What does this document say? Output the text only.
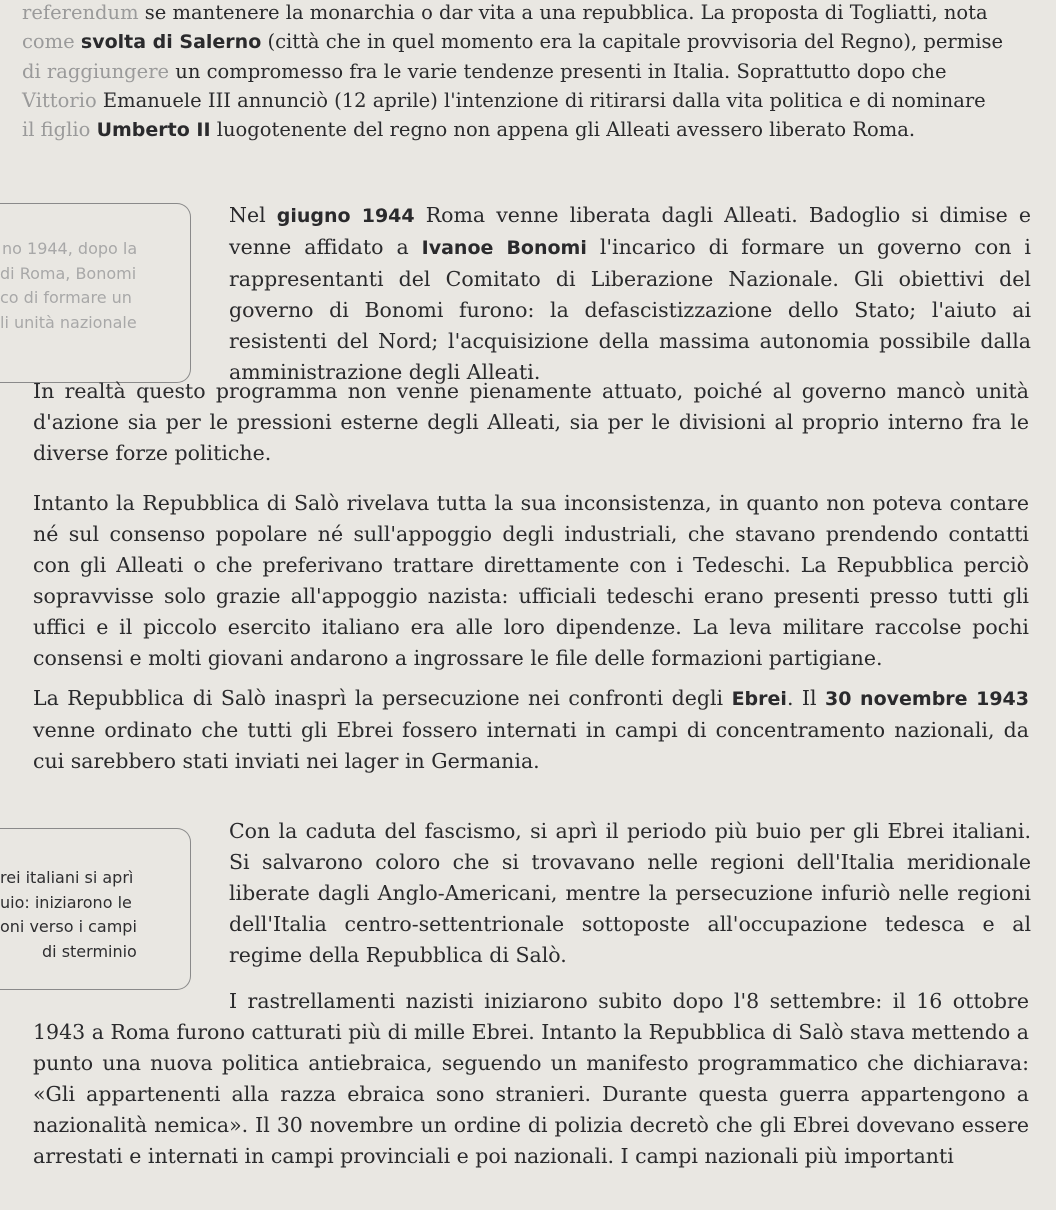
referendum se mantenere la monarchia o dar vita a una repubblica. La proposta di Togliatti, nota
come svolta di Salerno (città che in quel momento era la capitale provvisoria del Regno), permise
di raggiungere un compromesso fra le varie tendenze presenti in Italia. Soprattutto dopo che
Vittorio Emanuele III annunciò (12 aprile) l'intenzione di ritirarsi dalla vita politica e di nominare
il figlio Umberto II luogotenente del regno non appena gli Alleati avessero liberato Roma.
no 1944, dopo la
di Roma, Bonomi
co di formare un
li unità nazionale

Nel giugno 1944 Roma venne liberata dagli Alleati. Badoglio si dimise e venne affidato a Ivanoe Bonomi l'incarico di formare un governo con i rappresentanti del Comitato di Liberazione Nazionale. Gli obiettivi del governo di Bonomi furono: la defascistizzazione dello Stato; l'aiuto ai resistenti del Nord; l'acquisizione della massima autonomia possibile dalla amministrazione degli Alleati.

In realtà questo programma non venne pienamente attuato, poiché al governo mancò unità d'azione sia per le pressioni esterne degli Alleati, sia per le divisioni al proprio interno fra le diverse forze politiche.

Intanto la Repubblica di Salò rivelava tutta la sua inconsistenza, in quanto non poteva contare né sul consenso popolare né sull'appoggio degli industriali, che stavano prendendo contatti con gli Alleati o che preferivano trattare direttamente con i Tedeschi. La Repubblica perciò sopravvisse solo grazie all'appoggio nazista: ufficiali tedeschi erano presenti presso tutti gli uffici e il piccolo esercito italiano era alle loro dipendenze. La leva militare raccolse pochi consensi e molti giovani andarono a ingrossare le file delle formazioni partigiane.

La Repubblica di Salò inasprì la persecuzione nei confronti degli Ebrei. Il 30 novembre 1943 venne ordinato che tutti gli Ebrei fossero internati in campi di concentramento nazionali, da cui sarebbero stati inviati nei lager in Germania.

rei italiani si aprì
uio: iniziarono le
oni verso i campi
di sterminio

Con la caduta del fascismo, si aprì il periodo più buio per gli Ebrei italiani. Si salvarono coloro che si trovavano nelle regioni dell'Italia meridionale liberate dagli Anglo-Americani, mentre la persecuzione infuriò nelle regioni dell'Italia centro-settentrionale sottoposte all'occupazione tedesca e al regime della Repubblica di Salò.

I rastrellamenti nazisti iniziarono subito dopo l'8 settembre: il 16 ottobre 1943 a Roma furono catturati più di mille Ebrei. Intanto la Repubblica di Salò stava mettendo a punto una nuova politica antiebraica, seguendo un manifesto programmatico che dichiarava: «Gli appartenenti alla razza ebraica sono stranieri. Durante questa guerra appartengono a nazionalità nemica». Il 30 novembre un ordine di polizia decretò che gli Ebrei dovevano essere arrestati e internati in campi provinciali e poi nazionali. I campi nazionali più importanti
